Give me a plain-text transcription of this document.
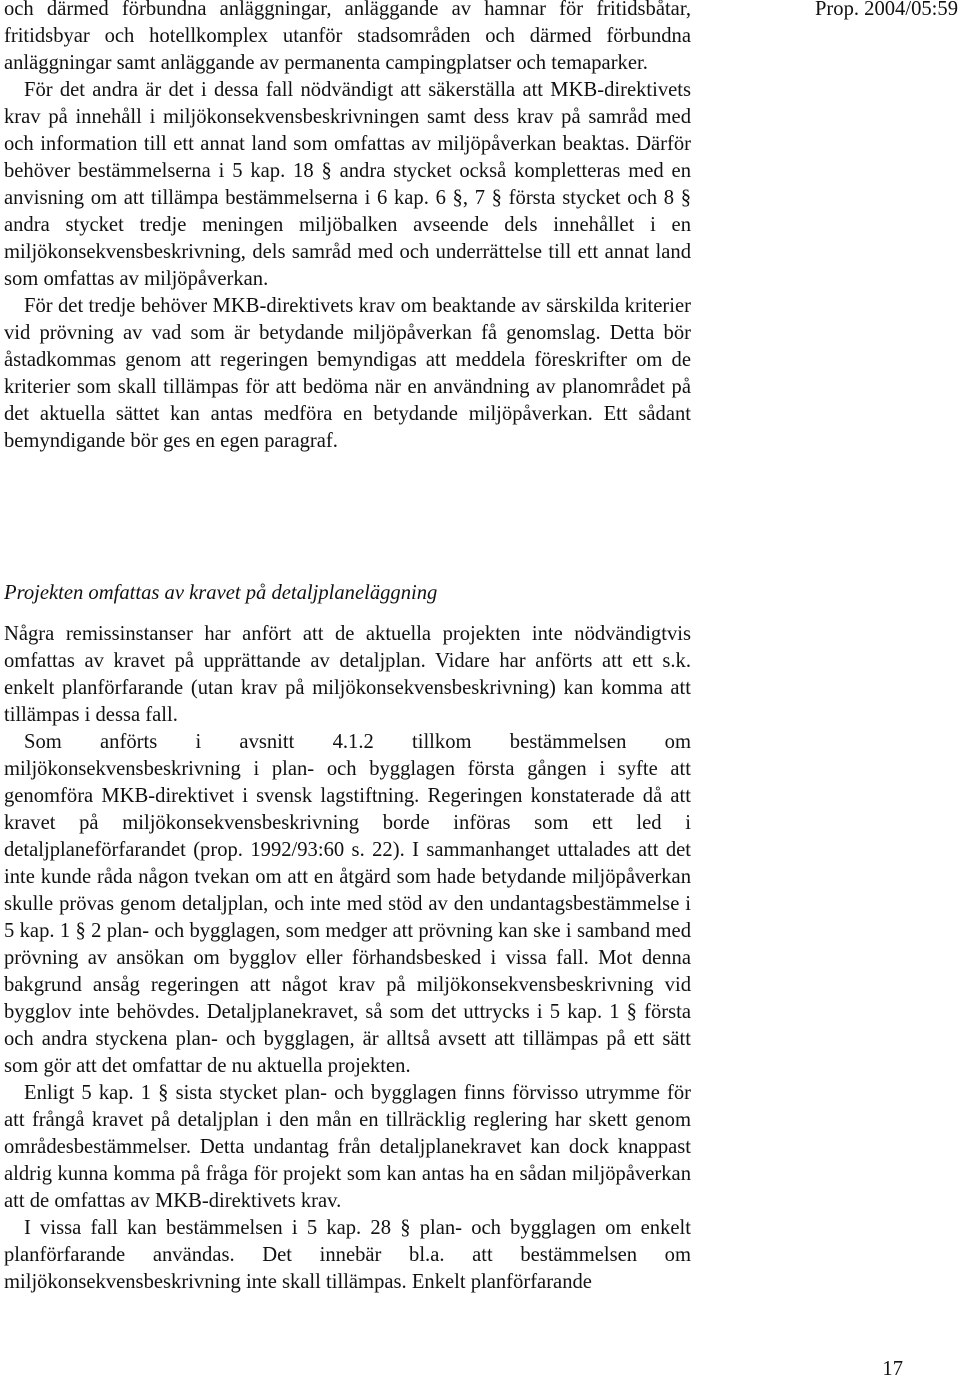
Prop. 2004/05:59

och därmed förbundna anläggningar, anläggande av hamnar för fritidsbåtar, fritidsbyar och hotellkomplex utanför stadsområden och därmed förbundna anläggningar samt anläggande av permanenta campingplatser och temaparker.

För det andra är det i dessa fall nödvändigt att säkerställa att MKB-direktivets krav på innehåll i miljökonsekvensbeskrivningen samt dess krav på samråd med och information till ett annat land som omfattas av miljöpåverkan beaktas. Därför behöver bestämmelserna i 5 kap. 18 § andra stycket också kompletteras med en anvisning om att tillämpa bestämmelserna i 6 kap. 6 §, 7 § första stycket och 8 § andra stycket tredje meningen miljöbalken avseende dels innehållet i en miljökonsekvensbeskrivning, dels samråd med och underrättelse till ett annat land som omfattas av miljöpåverkan.

För det tredje behöver MKB-direktivets krav om beaktande av särskilda kriterier vid prövning av vad som är betydande miljöpåverkan få genomslag. Detta bör åstadkommas genom att regeringen bemyndigas att meddela föreskrifter om de kriterier som skall tillämpas för att bedöma när en användning av planområdet på det aktuella sättet kan antas medföra en betydande miljöpåverkan. Ett sådant bemyndigande bör ges en egen paragraf.

Projekten omfattas av kravet på detaljplaneläggning

Några remissinstanser har anfört att de aktuella projekten inte nödvändigtvis omfattas av kravet på upprättande av detaljplan. Vidare har anförts att ett s.k. enkelt planförfarande (utan krav på miljökonsekvensbeskrivning) kan komma att tillämpas i dessa fall.

Som anförts i avsnitt 4.1.2 tillkom bestämmelsen om miljökonsekvensbeskrivning i plan- och bygglagen första gången i syfte att genomföra MKB-direktivet i svensk lagstiftning. Regeringen konstaterade då att kravet på miljökonsekvensbeskrivning borde införas som ett led i detaljplaneförfarandet (prop. 1992/93:60 s. 22). I sammanhanget uttalades att det inte kunde råda någon tvekan om att en åtgärd som hade betydande miljöpåverkan skulle prövas genom detaljplan, och inte med stöd av den undantagsbestämmelse i 5 kap. 1 § 2 plan- och bygglagen, som medger att prövning kan ske i samband med prövning av ansökan om bygglov eller förhandsbesked i vissa fall. Mot denna bakgrund ansåg regeringen att något krav på miljökonsekvensbeskrivning vid bygglov inte behövdes. Detaljplanekravet, så som det uttrycks i 5 kap. 1 § första och andra styckena plan- och bygglagen, är alltså avsett att tillämpas på ett sätt som gör att det omfattar de nu aktuella projekten.

Enligt 5 kap. 1 § sista stycket plan- och bygglagen finns förvisso utrymme för att frångå kravet på detaljplan i den mån en tillräcklig reglering har skett genom områdesbestämmelser. Detta undantag från detaljplanekravet kan dock knappast aldrig kunna komma på fråga för projekt som kan antas ha en sådan miljöpåverkan att de omfattas av MKB-direktivets krav.

I vissa fall kan bestämmelsen i 5 kap. 28 § plan- och bygglagen om enkelt planförfarande användas. Det innebär bl.a. att bestämmelsen om miljökonsekvensbeskrivning inte skall tillämpas. Enkelt planförfarande

17
